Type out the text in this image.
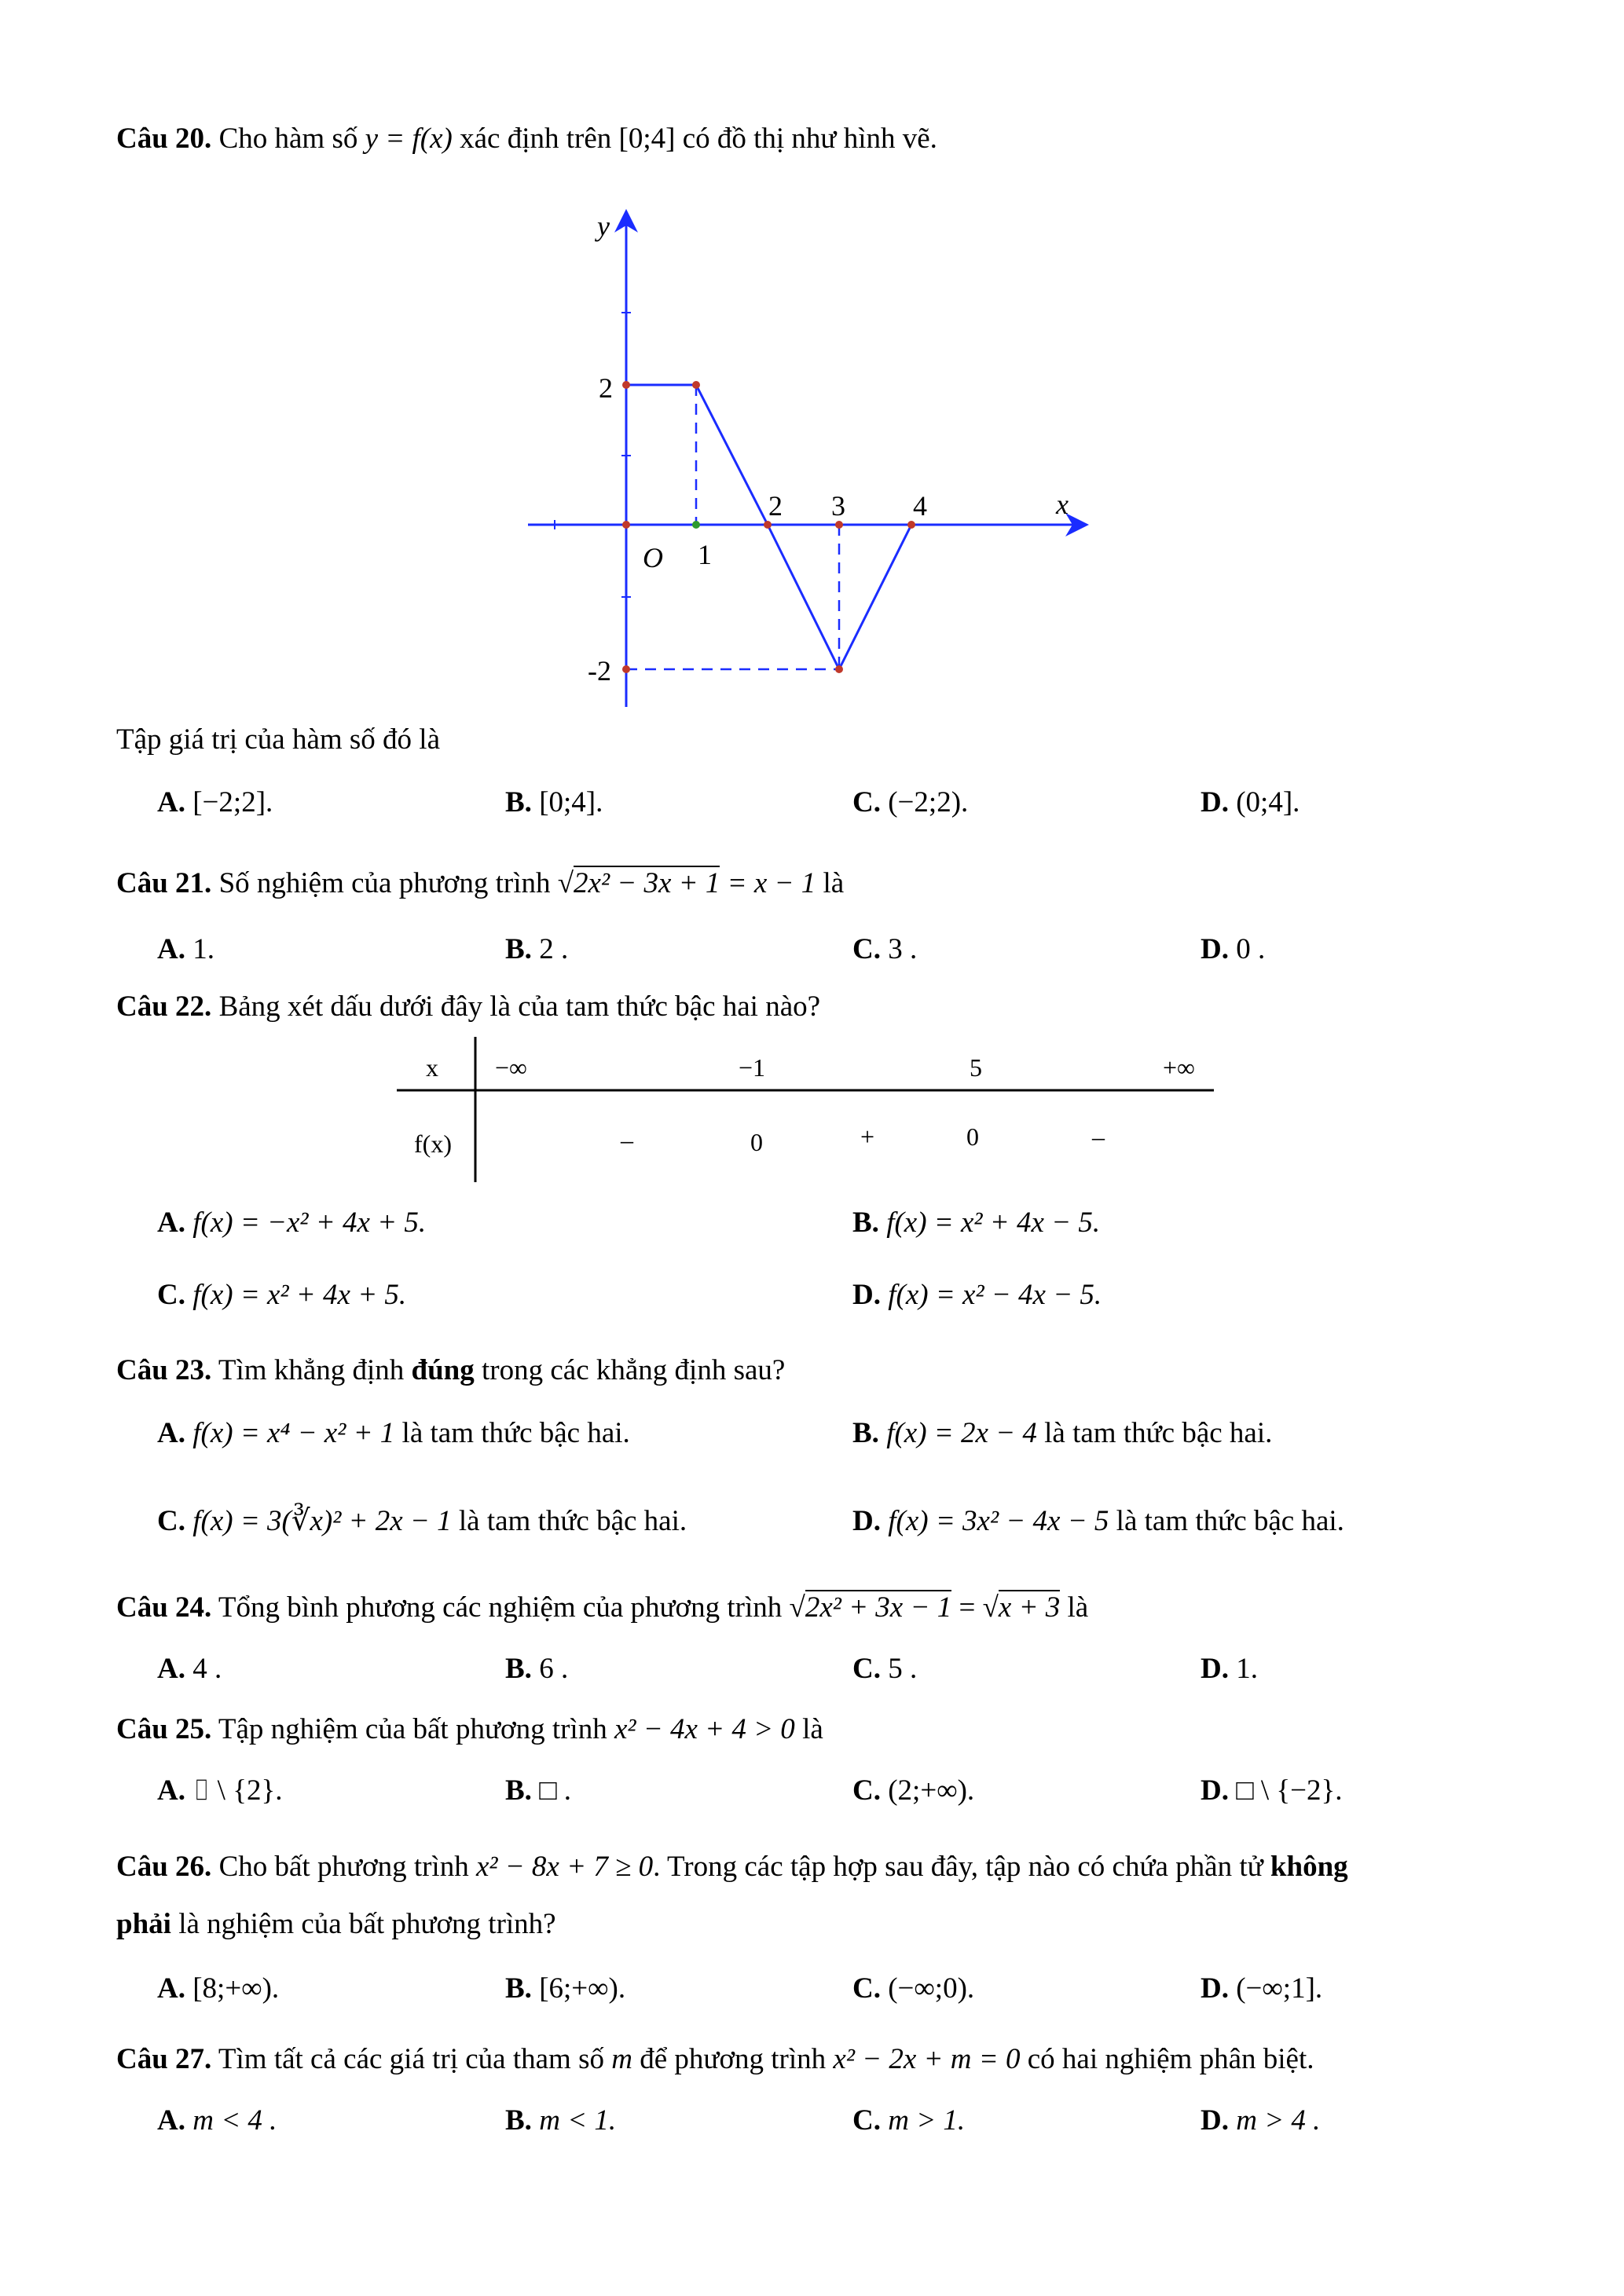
Câu 20. Cho hàm số y = f(x) xác định trên [0;4] có đồ thị như hình vẽ.
y
x
O 1
2 3 4
2
-2
Tập giá trị của hàm số đó là
A. [−2;2].	B. [0;4].	C. (−2;2).	D. (0;4].
Câu 21. Số nghiệm của phương trình √2x² − 3x + 1 = x − 1 là
A. 1.	B. 2 .	C. 3 .	D. 0 .
Câu 22. Bảng xét dấu dưới đây là của tam thức bậc hai nào?
x
f(x)
−∞	−1	5	+∞
–	0	+	0	–
A. f(x) = −x² + 4x + 5.	B. f(x) = x² + 4x − 5.
C. f(x) = x² + 4x + 5.	D. f(x) = x² − 4x − 5.
Câu 23. Tìm khẳng định đúng trong các khẳng định sau?
A. f(x) = x⁴ − x² + 1 là tam thức bậc hai.	B. f(x) = 2x − 4 là tam thức bậc hai.
C. f(x) = 3(∛x)² + 2x − 1 là tam thức bậc hai.	D. f(x) = 3x² − 4x − 5 là tam thức bậc hai.
Câu 24. Tổng bình phương các nghiệm của phương trình √2x² + 3x − 1 = √x + 3 là
A. 4 .	B. 6 .	C. 5 .	D. 1.
Câu 25. Tập nghiệm của bất phương trình x² − 4x + 4 > 0 là
A. ⌷ \ {2}.	B. □ .	C. (2;+∞).	D. □ \ {−2}.
Câu 26. Cho bất phương trình x² − 8x + 7 ≥ 0. Trong các tập hợp sau đây, tập nào có chứa phần tử không
phải là nghiệm của bất phương trình?
A. [8;+∞).	B. [6;+∞).	C. (−∞;0).	D. (−∞;1].
Câu 27. Tìm tất cả các giá trị của tham số m để phương trình x² − 2x + m = 0 có hai nghiệm phân biệt.
A. m < 4 .	B. m < 1.	C. m > 1.	D. m > 4 .
